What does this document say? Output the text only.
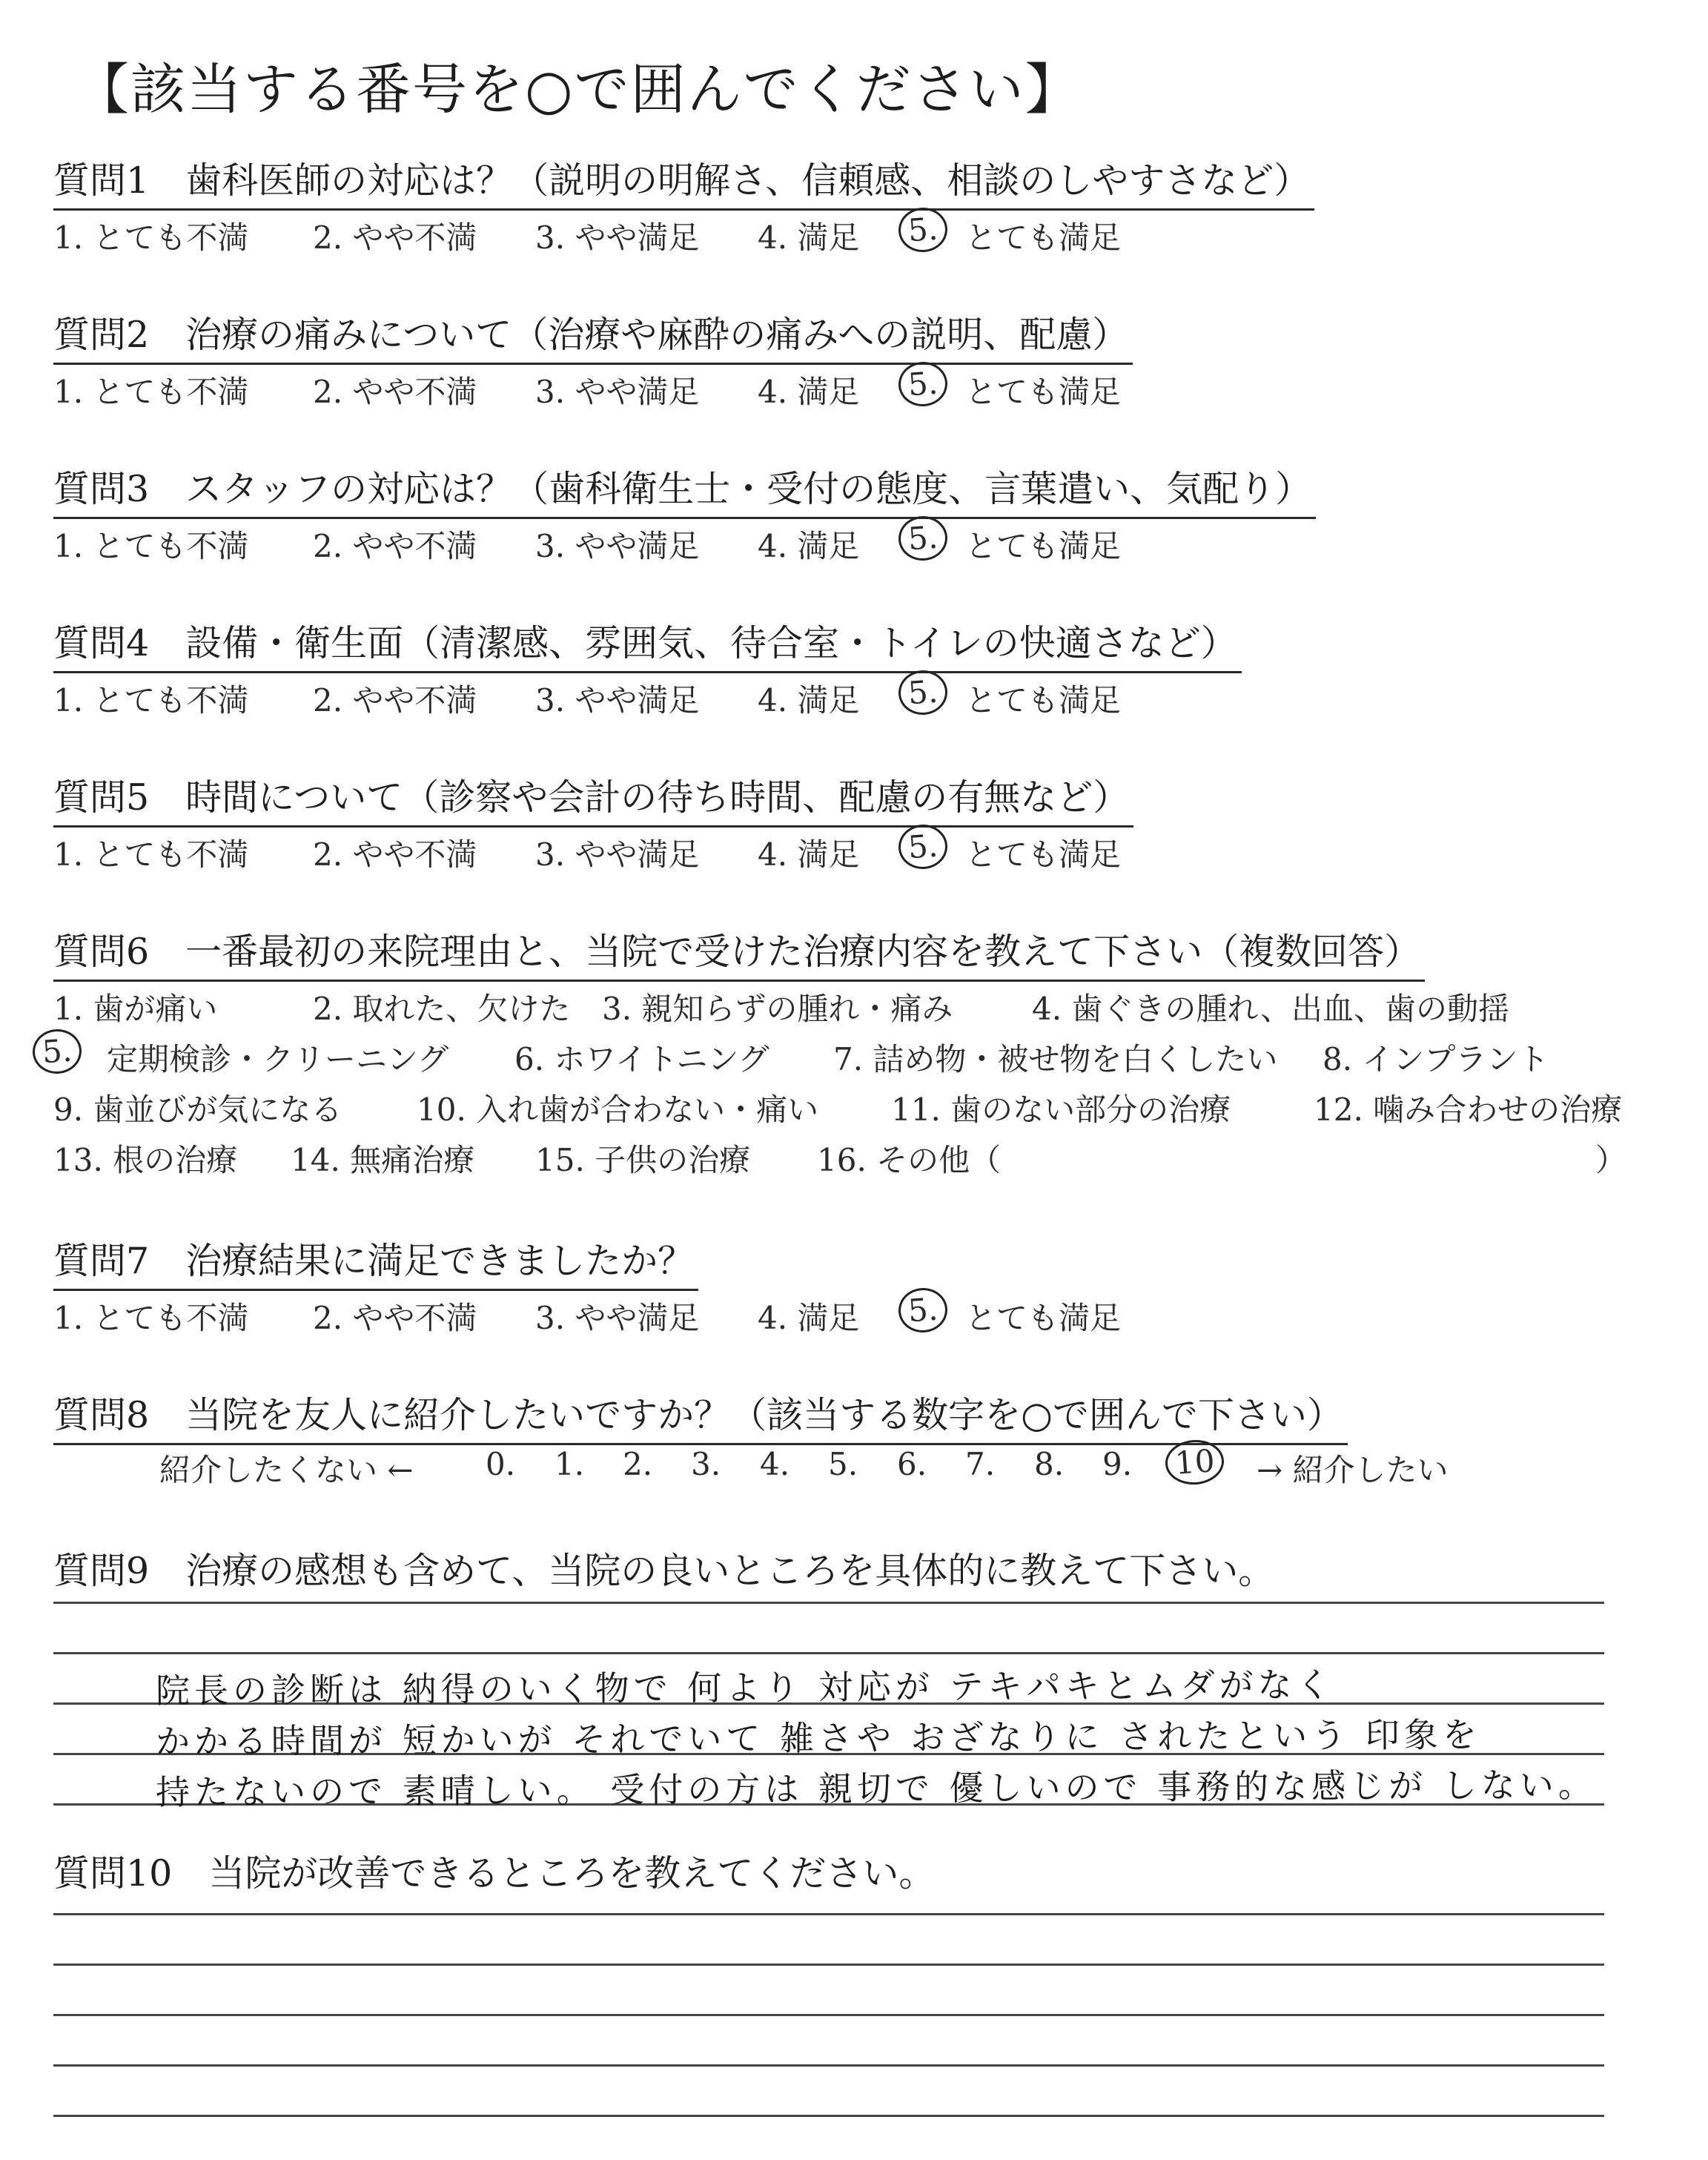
【該当する番号を○で囲んでください】
質問1　歯科医師の対応は？（説明の明解さ、信頼感、相談のしやすさなど）
1. とても不満 2. やや不満 3. やや満足 4. 満足	5. とても満足
質問2　治療の痛みについて（治療や麻酔の痛みへの説明、配慮）
1. とても不満 2. やや不満 3. やや満足 4. 満足	5. とても満足
質問3　スタッフの対応は？（歯科衛生士・受付の態度、言葉遣い、気配り）
1. とても不満 2. やや不満 3. やや満足 4. 満足	5. とても満足
質問4　設備・衛生面（清潔感、雰囲気、待合室・トイレの快適さなど）
1. とても不満 2. やや不満 3. やや満足 4. 満足	5. とても満足
質問5　時間について（診察や会計の待ち時間、配慮の有無など）
1. とても不満 2. やや不満 3. やや満足 4. 満足	5. とても満足
質問6　一番最初の来院理由と、当院で受けた治療内容を教えて下さい（複数回答）
1. 歯が痛い	2. 取れた、欠けた 3. 親知らずの腫れ・痛み	4. 歯ぐきの腫れ、出血、歯の動揺
5.	定期検診・クリーニング 6. ホワイトニング 7. 詰め物・被せ物を白くしたい 8. インプラント
9. 歯並びが気になる 10. 入れ歯が合わない・痛い 11. 歯のない部分の治療	12. 噛み合わせの治療
13. 根の治療 14. 無痛治療 15. 子供の治療 16. その他（	）
質問7　治療結果に満足できましたか？
1. とても不満 2. やや不満 3. やや満足 4. 満足	5. とても満足
質問8　当院を友人に紹介したいですか？（該当する数字を○で囲んで下さい）
紹介したくない ← 0. 1. 2. 3. 4. 5. 6. 7. 8. 9.	10	→ 紹介したい
質問9　治療の感想も含めて、当院の良いところを具体的に教えて下さい。
院長の診断は 納得のいく物で 何より 対応が テキパキとムダがなく
かかる時間が 短かいが それでいて 雑さや おざなりに されたという 印象を
持たないので 素晴しい。 受付の方は 親切で 優しいので 事務的な感じが しない。
質問10　当院が改善できるところを教えてください。
